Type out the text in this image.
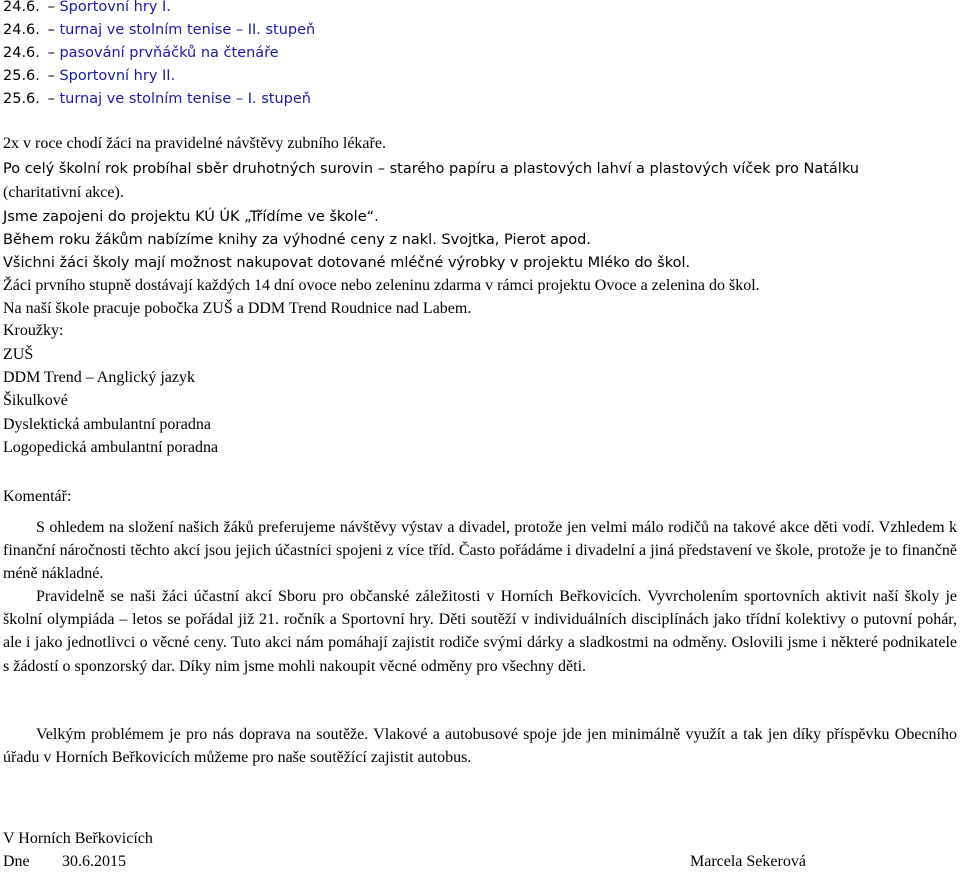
24.6. – Sportovní hry I.
24.6. – turnaj ve stolním tenise – II. stupeň
24.6. – pasování prvňáčků na čtenáře
25.6. – Sportovní hry II.
25.6. – turnaj ve stolním tenise – I. stupeň
2x v roce chodí žáci na pravidelné návštěvy zubního lékaře.
Po celý školní rok probíhal sběr druhotných surovin – starého papíru a plastových lahví a plastových víček pro Natálku
(charitativní akce).
Jsme zapojeni do projektu KÚ ÚK „Třídíme ve škole“.
Během roku žákům nabízíme knihy za výhodné ceny z nakl. Svojtka, Pierot apod.
Všichni žáci školy mají možnost nakupovat dotované mléčné výrobky v projektu Mléko do škol.
Žáci prvního stupně dostávají každých 14 dní ovoce nebo zeleninu zdarma v rámci projektu Ovoce a zelenina do škol.
Na naší škole pracuje pobočka ZUŠ a DDM Trend Roudnice nad Labem.
Kroužky:
ZUŠ
DDM Trend – Anglický jazyk
Šikulkové
Dyslektická ambulantní poradna
Logopedická ambulantní poradna
Komentář:
S ohledem na složení našich žáků preferujeme návštěvy výstav a divadel, protože jen velmi málo rodičů na takové akce děti vodí. Vzhledem k finanční náročnosti těchto akcí jsou jejich účastníci spojeni z více tříd. Často pořádáme i divadelní a jiná představení ve škole, protože je to finančně méně nákladné.
Pravidelně se naši žáci účastní akcí Sboru pro občanské záležitosti v Horních Beřkovicích. Vyvrcholením sportovních aktivit naší školy je školní olympiáda – letos se pořádal již 21. ročník a Sportovní hry. Děti soutěží v individuálních disciplínách jako třídní kolektivy o putovní pohár, ale i jako jednotlivci o věcné ceny. Tuto akci nám pomáhají zajistit rodiče svými dárky a sladkostmi na odměny. Oslovili jsme i některé podnikatele s žádostí o sponzorský dar. Díky nim jsme mohli nakoupit věcné odměny pro všechny děti.
Velkým problémem je pro nás doprava na soutěže. Vlakové a autobusové spoje jde jen minimálně využít a tak jen díky příspěvku Obecního úřadu v Horních Beřkovicích můžeme pro naše soutěžící zajistit autobus.
V Horních Beřkovicích
Dne 30.6.2015	Marcela Sekerová
